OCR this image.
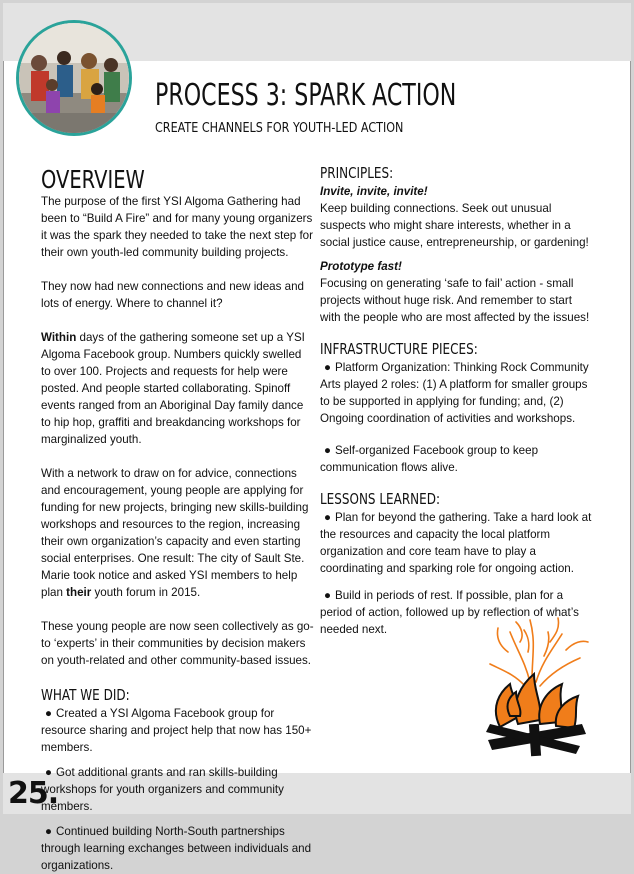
25.
PROCESS 3: SPARK ACTION
CREATE CHANNELS FOR YOUTH-LED ACTION
OVERVIEW

The purpose of the first YSI Algoma Gathering had been to “Build A Fire” and for many young organizers it was the spark they needed to take the next step for their own youth-led community building projects.

They now had new connections and new ideas and lots of energy. Where to channel it?

Within days of the gathering someone set up a YSI Algoma Facebook group. Numbers quickly swelled to over 100. Projects and requests for help were posted. And people started collaborating. Spinoff events ranged from an Aboriginal Day family dance to hip hop, graffiti and breakdancing workshops for marginalized youth.

With a network to draw on for advice, connections and encouragement, young people are applying for funding for new projects, bringing new skills-building workshops and resources to the region, increasing their own organization’s capacity and even starting social enterprises. One result: The city of Sault Ste. Marie took notice and asked YSI members to help plan their youth forum in 2015.

These young people are now seen collectively as go-to ‘experts’ in their communities by decision makers on youth-related and other community-based issues.

WHAT WE DID:

● Created a YSI Algoma Facebook group for resource sharing and project help that now has 150+ members.

● Got additional grants and ran skills-building workshops for youth organizers and community members.

● Continued building North-South partnerships through learning exchanges between individuals and organizations.

PRINCIPLES:
Invite, invite, invite!

Keep building connections. Seek out unusual suspects who might share interests, whether in a social justice cause, entrepreneurship, or gardening!

Prototype fast!

Focusing on generating ‘safe to fail’ action - small projects without huge risk. And remember to start with the people who are most affected by the issues!

INFRASTRUCTURE PIECES:

● Platform Organization: Thinking Rock Community Arts played 2 roles: (1) A platform for smaller groups to be supported in applying for funding; and, (2) Ongoing coordination of activities and workshops.

● Self-organized Facebook group to keep communication flows alive.

LESSONS LEARNED:

● Plan for beyond the gathering. Take a hard look at the resources and capacity the local platform organization and core team have to play a coordinating and sparking role for ongoing action.

● Build in periods of rest. If possible, plan for a period of action, followed up by reflection of what’s needed next.
